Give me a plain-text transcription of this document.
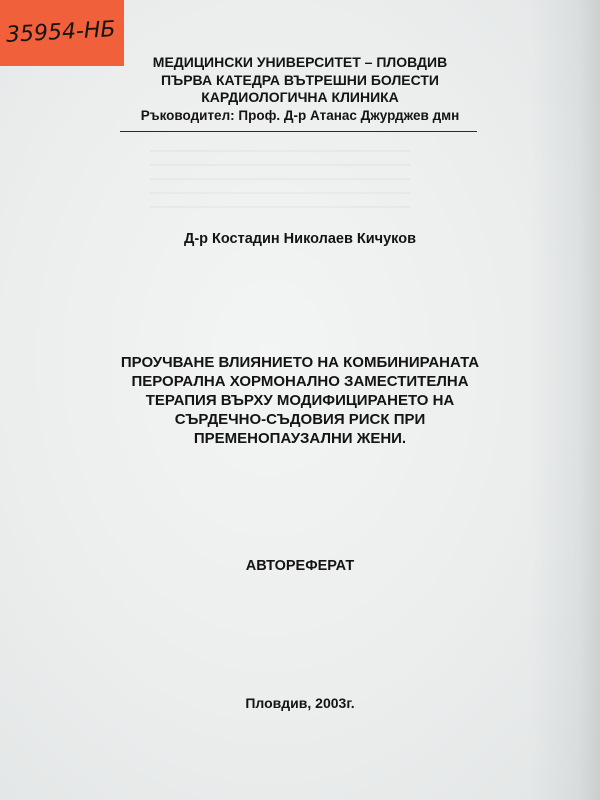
35954-НБ
МЕДИЦИНСКИ УНИВЕРСИТЕТ – ПЛОВДИВ
ПЪРВА КАТЕДРА ВЪТРЕШНИ БОЛЕСТИ
КАРДИОЛОГИЧНА КЛИНИКА
Ръководител: Проф. Д-р Атанас Джурджев дмн
Д-р Костадин Николаев Кичуков
ПРОУЧВАНЕ ВЛИЯНИЕТО НА КОМБИНИРАНАТА
ПЕРОРАЛНА ХОРМОНАЛНО ЗАМЕСТИТЕЛНА
ТЕРАПИЯ ВЪРХУ МОДИФИЦИРАНЕТО НА
СЪРДЕЧНО-СЪДОВИЯ РИСК ПРИ
ПРЕМЕНОПАУЗАЛНИ ЖЕНИ.
АВТОРЕФЕРАТ
Пловдив, 2003г.
